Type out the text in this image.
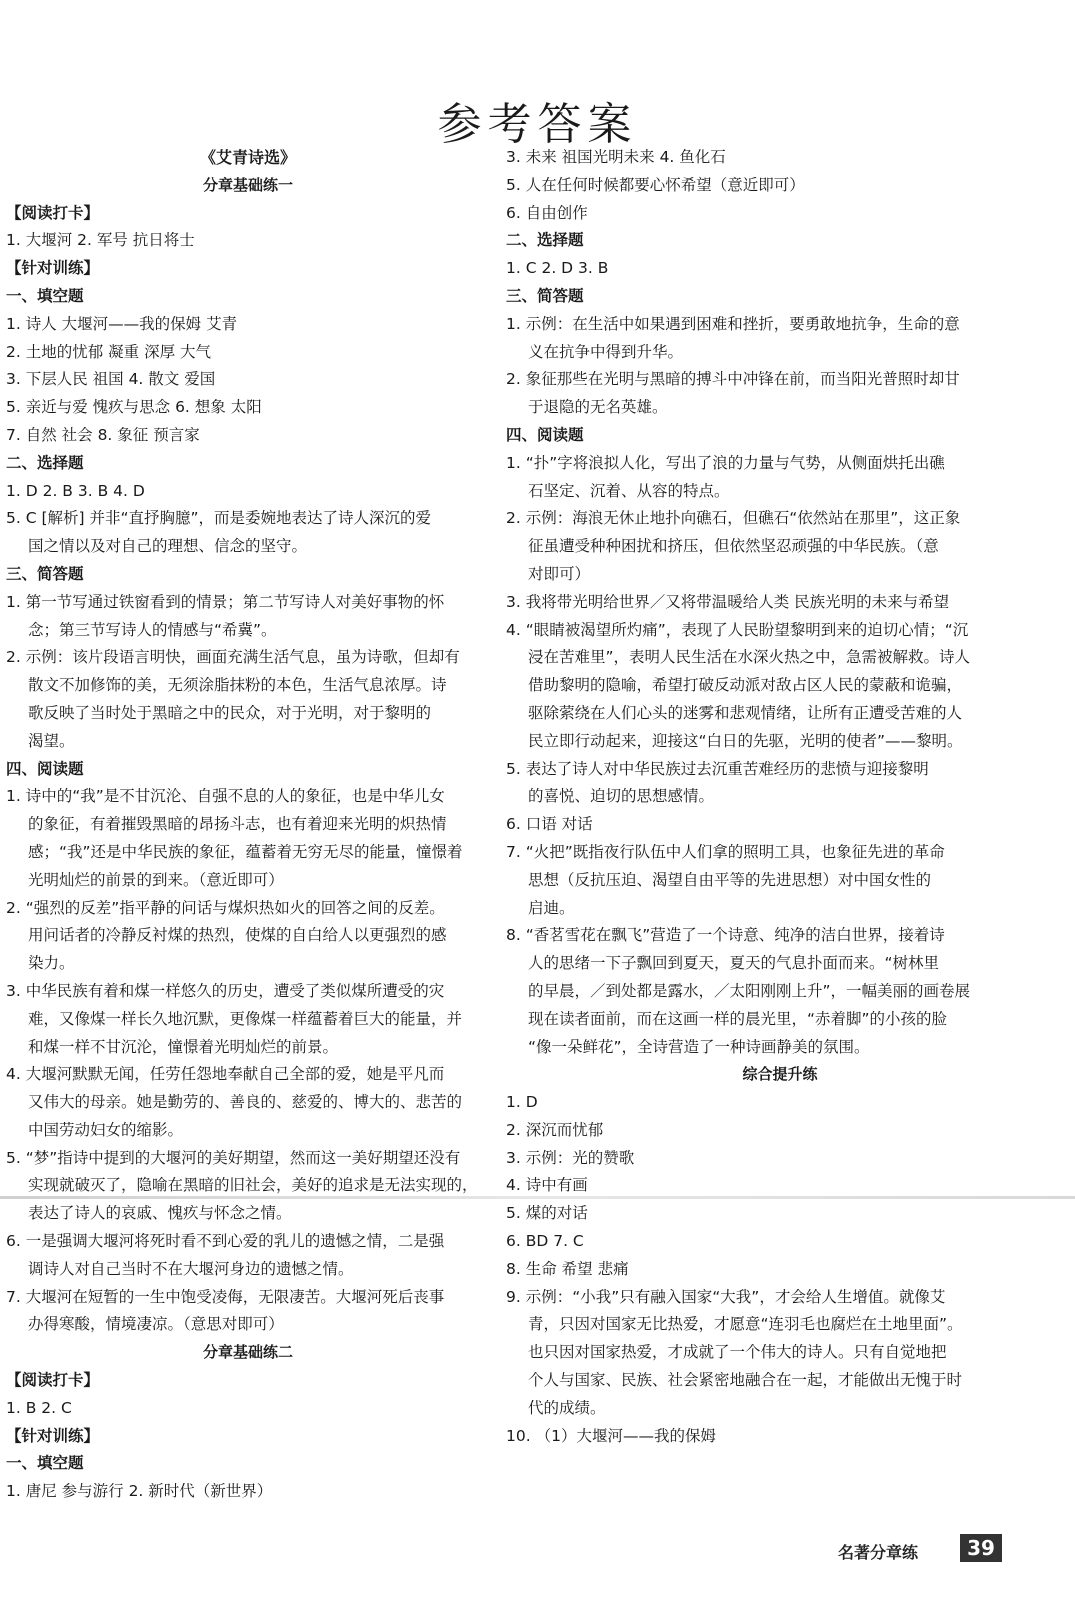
参考答案
《艾青诗选》
分章基础练一
【阅读打卡】
1. 大堰河 2. 军号 抗日将士
【针对训练】
一、填空题
1. 诗人 大堰河——我的保姆 艾青
2. 土地的忧郁 凝重 深厚 大气
3. 下层人民 祖国 4. 散文 爱国
5. 亲近与爱 愧疚与思念 6. 想象 太阳
7. 自然 社会 8. 象征 预言家
二、选择题
1. D 2. B 3. B 4. D
5. C [解析] 并非“直抒胸臆”，而是委婉地表达了诗人深沉的爱
国之情以及对自己的理想、信念的坚守。
三、简答题
1. 第一节写通过铁窗看到的情景；第二节写诗人对美好事物的怀
念；第三节写诗人的情感与“希冀”。
2. 示例：该片段语言明快，画面充满生活气息，虽为诗歌，但却有
散文不加修饰的美，无须涂脂抹粉的本色，生活气息浓厚。诗
歌反映了当时处于黑暗之中的民众，对于光明，对于黎明的
渴望。
四、阅读题
1. 诗中的“我”是不甘沉沦、自强不息的人的象征，也是中华儿女
的象征，有着摧毁黑暗的昂扬斗志，也有着迎来光明的炽热情
感；“我”还是中华民族的象征，蕴蓄着无穷无尽的能量，憧憬着
光明灿烂的前景的到来。（意近即可）
2. “强烈的反差”指平静的问话与煤炽热如火的回答之间的反差。
用问话者的冷静反衬煤的热烈，使煤的自白给人以更强烈的感
染力。
3. 中华民族有着和煤一样悠久的历史，遭受了类似煤所遭受的灾
难，又像煤一样长久地沉默，更像煤一样蕴蓄着巨大的能量，并
和煤一样不甘沉沦，憧憬着光明灿烂的前景。
4. 大堰河默默无闻，任劳任怨地奉献自己全部的爱，她是平凡而
又伟大的母亲。她是勤劳的、善良的、慈爱的、博大的、悲苦的
中国劳动妇女的缩影。
5. “梦”指诗中提到的大堰河的美好期望，然而这一美好期望还没有
实现就破灭了，隐喻在黑暗的旧社会，美好的追求是无法实现的，
表达了诗人的哀戚、愧疚与怀念之情。
6. 一是强调大堰河将死时看不到心爱的乳儿的遗憾之情，二是强
调诗人对自己当时不在大堰河身边的遗憾之情。
7. 大堰河在短暂的一生中饱受凌侮，无限凄苦。大堰河死后丧事
办得寒酸，情境凄凉。（意思对即可）
分章基础练二
【阅读打卡】
1. B 2. C
【针对训练】
一、填空题
1. 唐尼 参与游行 2. 新时代（新世界）
3. 未来 祖国光明未来 4. 鱼化石
5. 人在任何时候都要心怀希望（意近即可）
6. 自由创作
二、选择题
1. C 2. D 3. B
三、简答题
1. 示例：在生活中如果遇到困难和挫折，要勇敢地抗争，生命的意
义在抗争中得到升华。
2. 象征那些在光明与黑暗的搏斗中冲锋在前，而当阳光普照时却甘
于退隐的无名英雄。
四、阅读题
1. “扑”字将浪拟人化，写出了浪的力量与气势，从侧面烘托出礁
石坚定、沉着、从容的特点。
2. 示例：海浪无休止地扑向礁石，但礁石“依然站在那里”，这正象
征虽遭受种种困扰和挤压，但依然坚忍顽强的中华民族。（意
对即可）
3. 我将带光明给世界／又将带温暖给人类 民族光明的未来与希望
4. “眼睛被渴望所灼痛”，表现了人民盼望黎明到来的迫切心情；“沉
浸在苦难里”，表明人民生活在水深火热之中，急需被解救。诗人
借助黎明的隐喻，希望打破反动派对敌占区人民的蒙蔽和诡骗，
驱除萦绕在人们心头的迷雾和悲观情绪，让所有正遭受苦难的人
民立即行动起来，迎接这“白日的先驱，光明的使者”——黎明。
5. 表达了诗人对中华民族过去沉重苦难经历的悲愤与迎接黎明
的喜悦、迫切的思想感情。
6. 口语 对话
7. “火把”既指夜行队伍中人们拿的照明工具，也象征先进的革命
思想（反抗压迫、渴望自由平等的先进思想）对中国女性的
启迪。
8. “香茗雪花在飘飞”营造了一个诗意、纯净的洁白世界，接着诗
人的思绪一下子飘回到夏天，夏天的气息扑面而来。“树林里
的早晨，／到处都是露水，／太阳刚刚上升”，一幅美丽的画卷展
现在读者面前，而在这画一样的晨光里，“赤着脚”的小孩的脸
“像一朵鲜花”，全诗营造了一种诗画静美的氛围。
综合提升练
1. D
2. 深沉而忧郁
3. 示例：光的赞歌
4. 诗中有画
5. 煤的对话
6. BD 7. C
8. 生命 希望 悲痛
9. 示例：“小我”只有融入国家“大我”，才会给人生增值。就像艾
青，只因对国家无比热爱，才愿意“连羽毛也腐烂在土地里面”。
也只因对国家热爱，才成就了一个伟大的诗人。只有自觉地把
个人与国家、民族、社会紧密地融合在一起，才能做出无愧于时
代的成绩。
10. （1）大堰河——我的保姆
名著分章练	39
